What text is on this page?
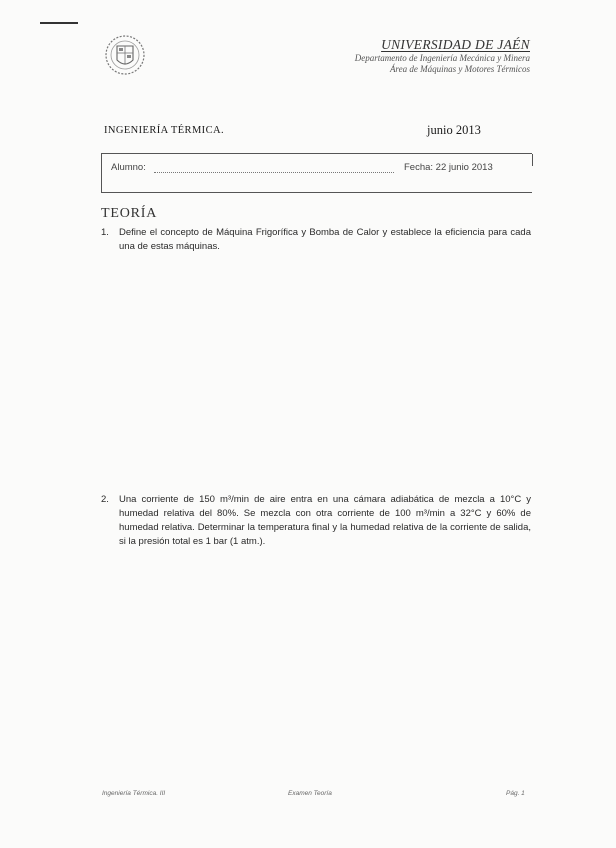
UNIVERSIDAD DE JAÉN
Departamento de Ingeniería Mecánica y Minera
Área de Máquinas y Motores Térmicos
INGENIERÍA TÉRMICA.	junio 2013
Alumno:	Fecha: 22 junio 2013
TEORÍA
1. Define el concepto de Máquina Frigorífica y Bomba de Calor y establece la eficiencia para cada una de estas máquinas.
2. Una corriente de 150 m³/min de aire entra en una cámara adiabática de mezcla a 10°C y humedad relativa del 80%. Se mezcla con otra corriente de 100 m³/min a 32°C y 60% de humedad relativa. Determinar la temperatura final y la humedad relativa de la corriente de salida, si la presión total es 1 bar (1 atm.).
Ingeniería Térmica. III	Examen Teoría	Pág. 1
